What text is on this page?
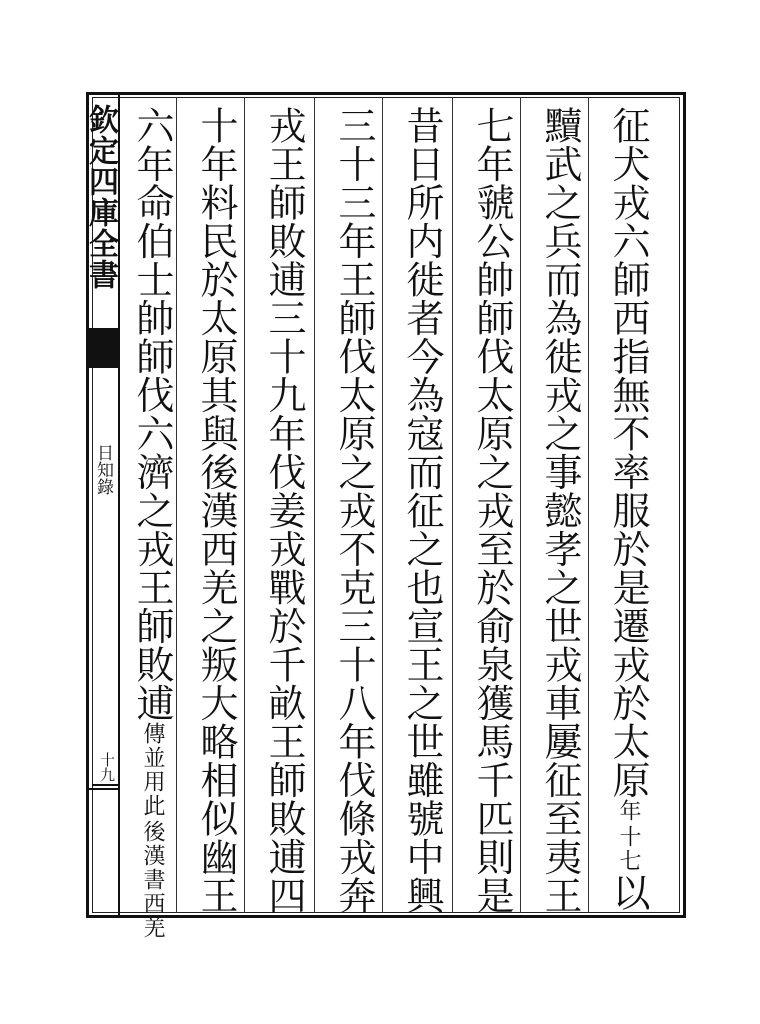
欽定四庫全書
日知錄
十九	征犬戎六師西指無不率服於是遷戎於太原
十七
年
以
黷武之兵而為徙戎之事懿孝之世戎車屢征至夷王
七年虢公帥師伐太原之戎至於俞泉獲馬千匹則是
昔日所内徙者今為寇而征之也宣王之世雖號中興
三十三年王師伐太原之戎不克三十八年伐條戎奔
戎王師敗逋三十九年伐姜戎戰於千畝王師敗逋四
十年料民於太原其與後漢西羌之叛大略相似幽王
六年命伯士帥師伐六濟之戎王師敗逋
後漢書西羌
傳並用此
